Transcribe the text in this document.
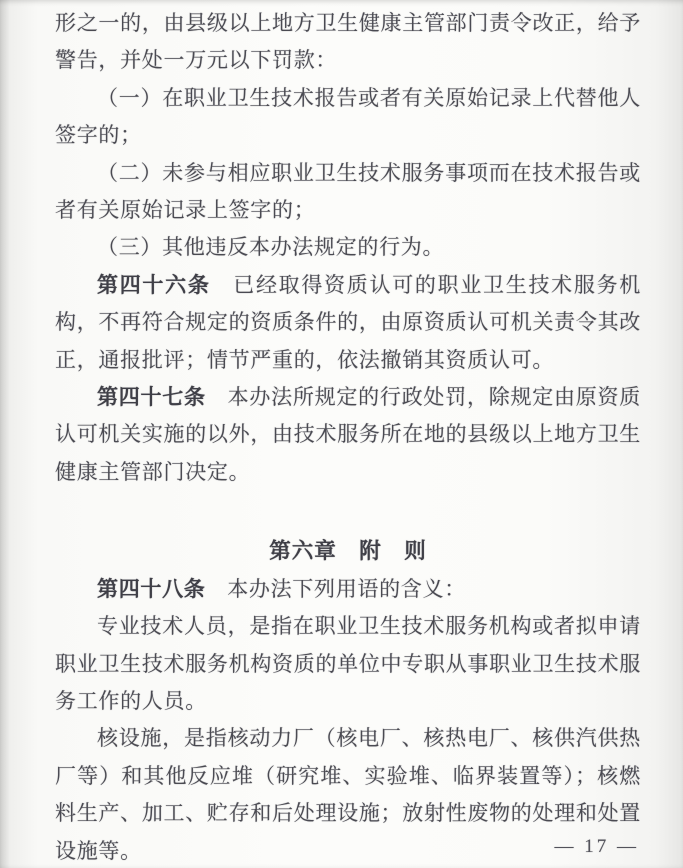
形之一的，由县级以上地方卫生健康主管部门责令改正，给予警告，并处一万元以下罚款：

（一）在职业卫生技术报告或者有关原始记录上代替他人签字的；

（二）未参与相应职业卫生技术服务事项而在技术报告或者有关原始记录上签字的；

（三）其他违反本办法规定的行为。

第四十六条　已经取得资质认可的职业卫生技术服务机构，不再符合规定的资质条件的，由原资质认可机关责令其改正，通报批评；情节严重的，依法撤销其资质认可。

第四十七条　本办法所规定的行政处罚，除规定由原资质认可机关实施的以外，由技术服务所在地的县级以上地方卫生健康主管部门决定。

第六章　附　则

第四十八条　本办法下列用语的含义：

专业技术人员，是指在职业卫生技术服务机构或者拟申请职业卫生技术服务机构资质的单位中专职从事职业卫生技术服务工作的人员。

核设施，是指核动力厂（核电厂、核热电厂、核供汽供热厂等）和其他反应堆（研究堆、实验堆、临界装置等）；核燃料生产、加工、贮存和后处理设施；放射性废物的处理和处置设施等。	— 17 —
